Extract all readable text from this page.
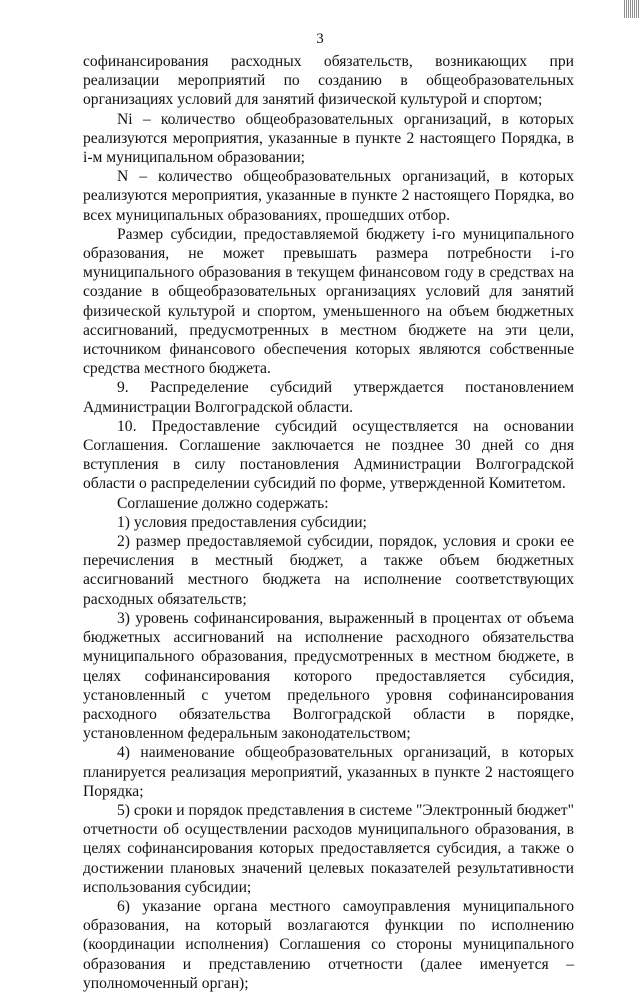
3

софинансирования расходных обязательств, возникающих при реализации мероприятий по созданию в общеобразовательных организациях условий для занятий физической культурой и спортом;

Ni – количество общеобразовательных организаций, в которых реализуются мероприятия, указанные в пункте 2 настоящего Порядка, в i-м муниципальном образовании;

N – количество общеобразовательных организаций, в которых реализуются мероприятия, указанные в пункте 2 настоящего Порядка, во всех муниципальных образованиях, прошедших отбор.

Размер субсидии, предоставляемой бюджету i-го муниципального образования, не может превышать размера потребности i-го муниципального образования в текущем финансовом году в средствах на создание в общеобразовательных организациях условий для занятий физической культурой и спортом, уменьшенного на объем бюджетных ассигнований, предусмотренных в местном бюджете на эти цели, источником финансового обеспечения которых являются собственные средства местного бюджета.

9. Распределение субсидий утверждается постановлением Администрации Волгоградской области.

10. Предоставление субсидий осуществляется на основании Соглашения. Соглашение заключается не позднее 30 дней со дня вступления в силу постановления Администрации Волгоградской области о распределении субсидий по форме, утвержденной Комитетом.

Соглашение должно содержать:

1) условия предоставления субсидии;

2) размер предоставляемой субсидии, порядок, условия и сроки ее перечисления в местный бюджет, а также объем бюджетных ассигнований местного бюджета на исполнение соответствующих расходных обязательств;

3) уровень софинансирования, выраженный в процентах от объема бюджетных ассигнований на исполнение расходного обязательства муниципального образования, предусмотренных в местном бюджете, в целях софинансирования которого предоставляется субсидия, установленный с учетом предельного уровня софинансирования расходного обязательства Волгоградской области в порядке, установленном федеральным законодательством;

4) наименование общеобразовательных организаций, в которых планируется реализация мероприятий, указанных в пункте 2 настоящего Порядка;

5) сроки и порядок представления в системе "Электронный бюджет" отчетности об осуществлении расходов муниципального образования, в целях софинансирования которых предоставляется субсидия, а также о достижении плановых значений целевых показателей результативности использования субсидии;

6) указание органа местного самоуправления муниципального образования, на который возлагаются функции по исполнению (координации исполнения) Соглашения со стороны муниципального образования и представлению отчетности (далее именуется – уполномоченный орган);
